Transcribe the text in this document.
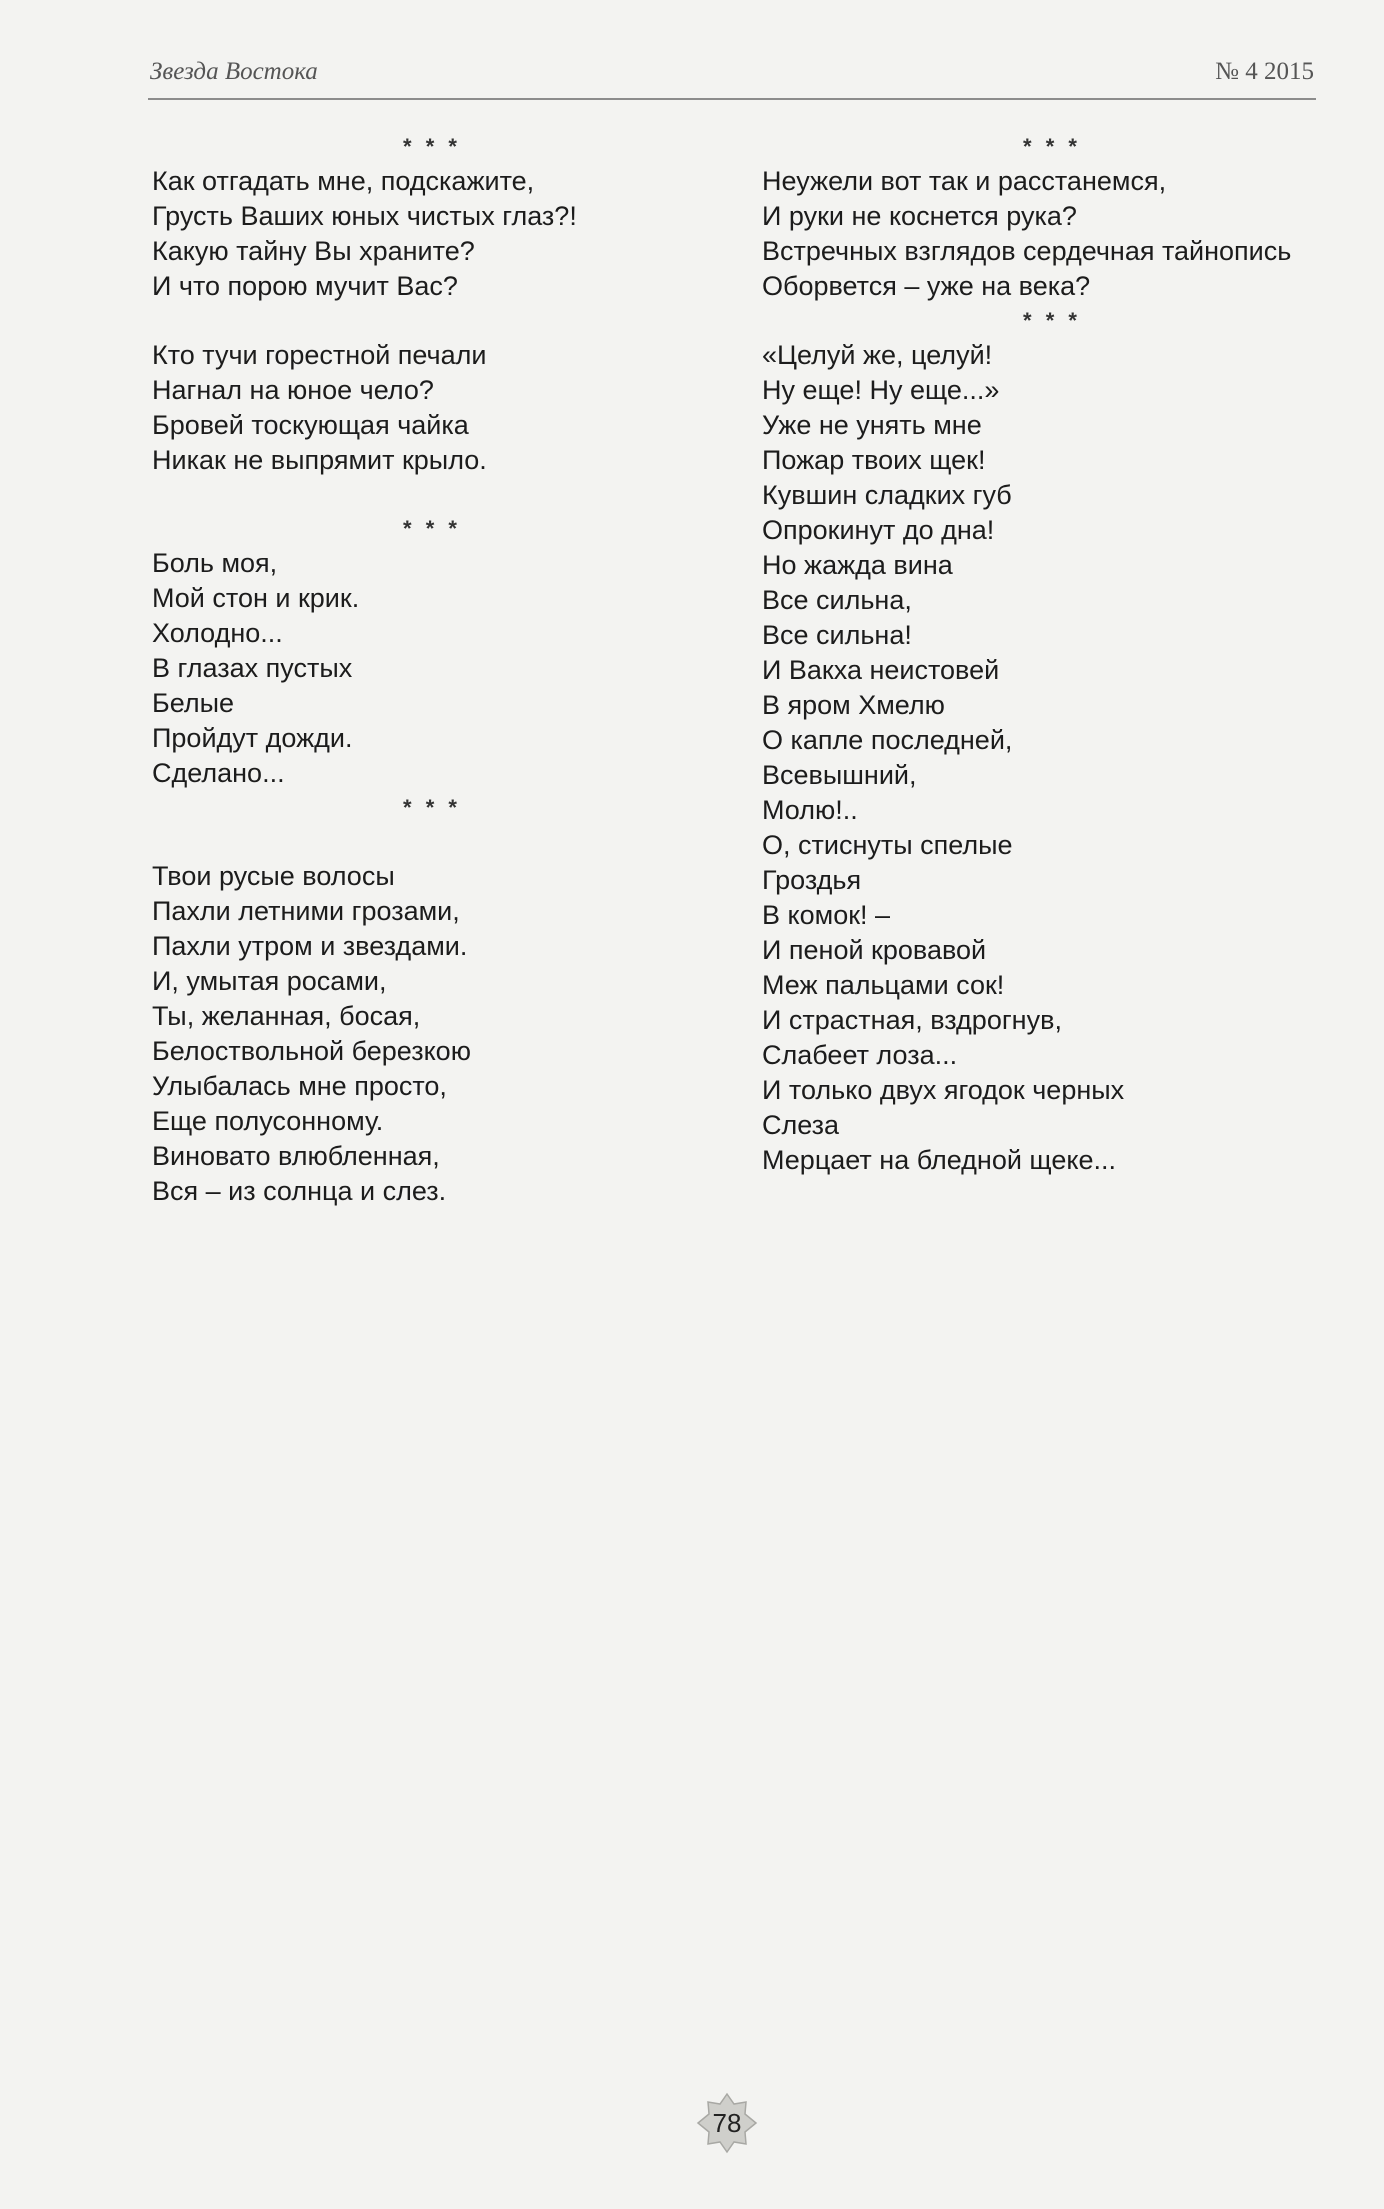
Звезда Востока	№ 4 2015
* * *
Как отгадать мне, подскажите,
Грусть Ваших юных чистых глаз?!
Какую тайну Вы храните?
И что порою мучит Вас?
Кто тучи горестной печали
Нагнал на юное чело?
Бровей тоскующая чайка
Никак не выпрямит крыло.
* * *
Боль моя,
Мой стон и крик.
Холодно...
В глазах пустых
Белые
Пройдут дожди.
Сделано...
* * *
Твои русые волосы
Пахли летними грозами,
Пахли утром и звездами.
И, умытая росами,
Ты, желанная, босая,
Белоствольной березкою
Улыбалась мне просто,
Еще полусонному.
Виновато влюбленная,
Вся – из солнца и слез.
* * *
Неужели вот так и расстанемся,
И руки не коснется рука?
Встречных взглядов сердечная тайнопись
Оборвется – уже на века?
* * *
«Целуй же, целуй!
Ну еще! Ну еще...»
Уже не унять мне
Пожар твоих щек!
Кувшин сладких губ
Опрокинут до дна!
Но жажда вина
Все сильна,
Все сильна!
И Вакха неистовей
В яром Хмелю
О капле последней,
Всевышний,
Молю!..
О, стиснуты спелые
Гроздья
В комок! –
И пеной кровавой
Меж пальцами сок!
И страстная, вздрогнув,
Слабеет лоза...
И только двух ягодок черных
Слеза
Мерцает на бледной щеке...
78
